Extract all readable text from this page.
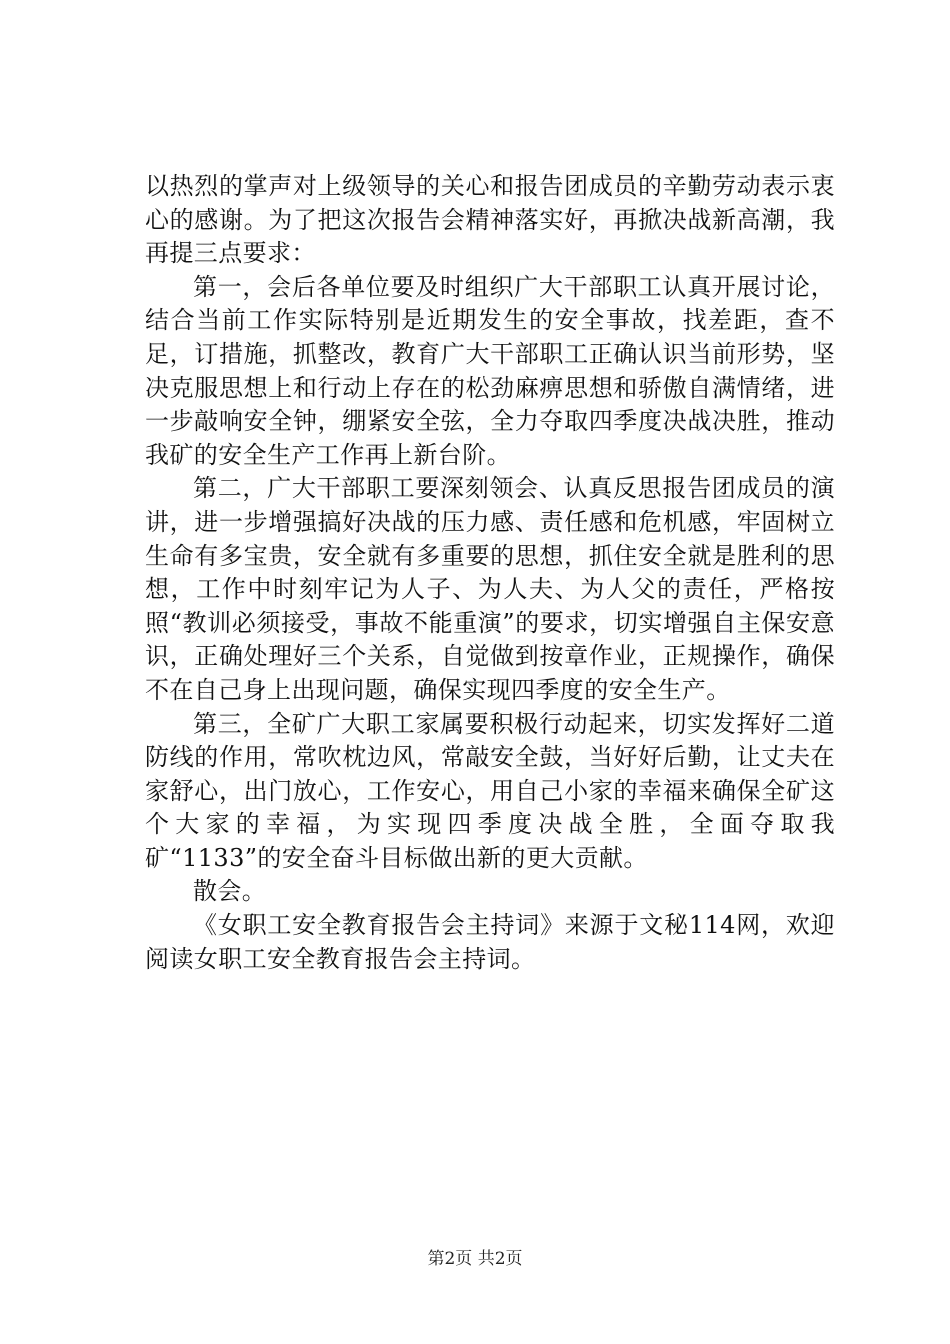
以热烈的掌声对上级领导的关心和报告团成员的辛勤劳动表示衷心的感谢。为了把这次报告会精神落实好，再掀决战新高潮，我再提三点要求：

第一，会后各单位要及时组织广大干部职工认真开展讨论，结合当前工作实际特别是近期发生的安全事故，找差距，查不足，订措施，抓整改，教育广大干部职工正确认识当前形势，坚决克服思想上和行动上存在的松劲麻痹思想和骄傲自满情绪，进一步敲响安全钟，绷紧安全弦，全力夺取四季度决战决胜，推动我矿的安全生产工作再上新台阶。

第二，广大干部职工要深刻领会、认真反思报告团成员的演讲，进一步增强搞好决战的压力感、责任感和危机感，牢固树立生命有多宝贵，安全就有多重要的思想，抓住安全就是胜利的思想，工作中时刻牢记为人子、为人夫、为人父的责任，严格按照“教训必须接受，事故不能重演”的要求，切实增强自主保安意识，正确处理好三个关系，自觉做到按章作业，正规操作，确保不在自己身上出现问题，确保实现四季度的安全生产。

第三，全矿广大职工家属要积极行动起来，切实发挥好二道防线的作用，常吹枕边风，常敲安全鼓，当好好后勤，让丈夫在家舒心，出门放心，工作安心，用自己小家的幸福来确保全矿这个大家的幸福，为实现四季度决战全胜，全面夺取我矿“1133”的安全奋斗目标做出新的更大贡献。

散会。

《女职工安全教育报告会主持词》来源于文秘114网，欢迎阅读女职工安全教育报告会主持词。

第2页 共2页
